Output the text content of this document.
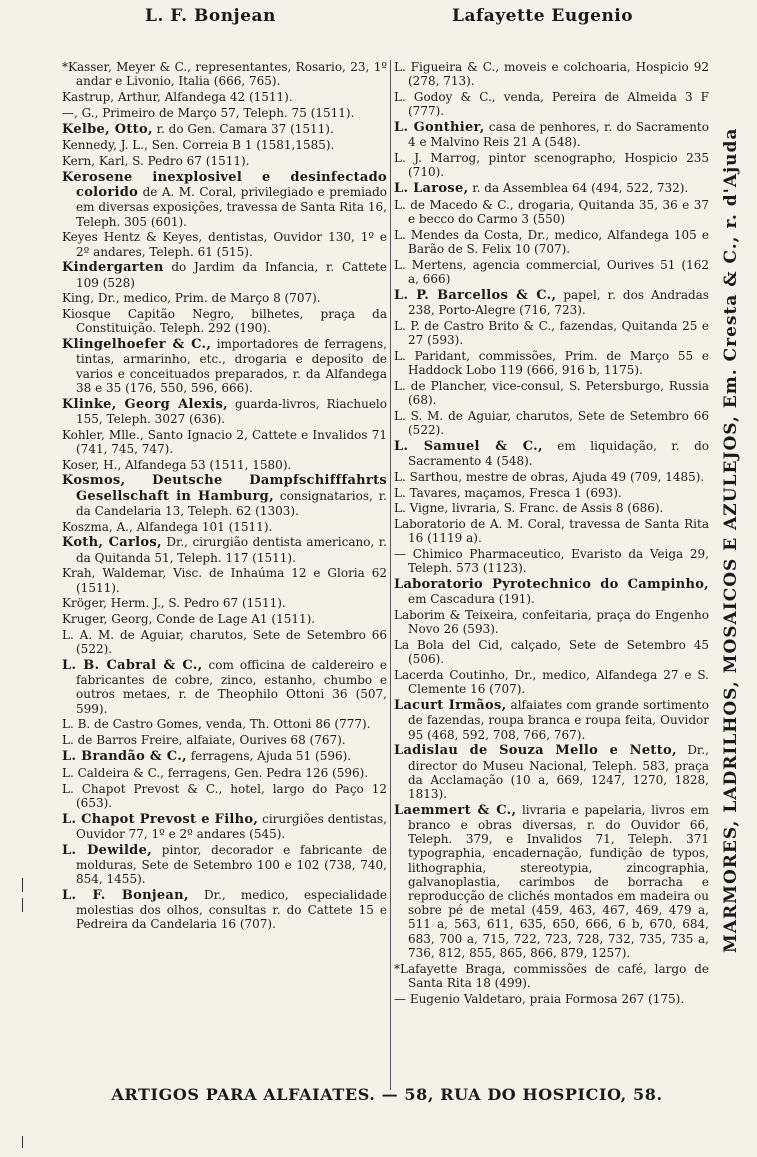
L. F. Bonjean	Lafayette Eugenio

*Kasser, Meyer & C., representantes, Rosario, 23, 1º andar e Livonio, Italia (666, 765).

Kastrup, Arthur, Alfandega 42 (1511).

—, G., Primeiro de Março 57, Teleph. 75 (1511).

Kelbe, Otto, r. do Gen. Camara 37 (1511).

Kennedy, J. L., Sen. Correia B 1 (1581,1585).

Kern, Karl, S. Pedro 67 (1511).

Kerosene inexplosivel e desinfectado colorido de A. M. Coral, privilegiado e premiado em diversas exposições, travessa de Santa Rita 16, Teleph. 305 (601).

Keyes Hentz & Keyes, dentistas, Ouvidor 130, 1º e 2º andares, Teleph. 61 (515).

Kindergarten do Jardim da Infancia, r. Cattete 109 (528)

King, Dr., medico, Prim. de Março 8 (707).

Kiosque Capitão Negro, bilhetes, praça da Constituição. Teleph. 292 (190).

Klingelhoefer & C., importadores de ferragens, tintas, armarinho, etc., drogaria e deposito de varios e conceituados preparados, r. da Alfandega 38 e 35 (176, 550, 596, 666).

Klinke, Georg Alexis, guarda-livros, Riachuelo 155, Teleph. 3027 (636).

Kohler, Mlle., Santo Ignacio 2, Cattete e Invalidos 71 (741, 745, 747).

Koser, H., Alfandega 53 (1511, 1580).

Kosmos, Deutsche Dampfschifffahrts Gesellschaft in Hamburg, consignatarios, r. da Candelaria 13, Teleph. 62 (1303).

Koszma, A., Alfandega 101 (1511).

Koth, Carlos, Dr., cirurgião dentista americano, r. da Quitanda 51, Teleph. 117 (1511).

Krah, Waldemar, Visc. de Inhaúma 12 e Gloria 62 (1511).

Kröger, Herm. J., S. Pedro 67 (1511).

Kruger, Georg, Conde de Lage A1 (1511).

L. A. M. de Aguiar, charutos, Sete de Setembro 66 (522).

L. B. Cabral & C., com officina de caldereiro e fabricantes de cobre, zinco, estanho, chumbo e outros metaes, r. de Theophilo Ottoni 36 (507, 599).

L. B. de Castro Gomes, venda, Th. Ottoni 86 (777).

L. de Barros Freire, alfaiate, Ourives 68 (767).

L. Brandão & C., ferragens, Ajuda 51 (596).

L. Caldeira & C., ferragens, Gen. Pedra 126 (596).

L. Chapot Prevost & C., hotel, largo do Paço 12 (653).

L. Chapot Prevost e Filho, cirurgiões dentistas, Ouvidor 77, 1º e 2º andares (545).

L. Dewilde, pintor, decorador e fabricante de molduras, Sete de Setembro 100 e 102 (738, 740, 854, 1455).

L. F. Bonjean, Dr., medico, especialidade molestias dos olhos, consultas r. do Cattete 15 e Pedreira da Candelaria 16 (707).

L. Figueira & C., moveis e colchoaria, Hospicio 92 (278, 713).

L. Godoy & C., venda, Pereira de Almeida 3 F (777).

L. Gonthier, casa de penhores, r. do Sacramento 4 e Malvino Reis 21 A (548).

L. J. Marrog, pintor scenographo, Hospicio 235 (710).

L. Larose, r. da Assemblea 64 (494, 522, 732).

L. de Macedo & C., drogaria, Quitanda 35, 36 e 37 e becco do Carmo 3 (550)

L. Mendes da Costa, Dr., medico, Alfandega 105 e Barão de S. Felix 10 (707).

L. Mertens, agencia commercial, Ourives 51 (162 a, 666)

L. P. Barcellos & C., papel, r. dos Andradas 238, Porto-Alegre (716, 723).

L. P. de Castro Brito & C., fazendas, Quitanda 25 e 27 (593).

L. Paridant, commissões, Prim. de Março 55 e Haddock Lobo 119 (666, 916 b, 1175).

L. de Plancher, vice-consul, S. Petersburgo, Russia (68).

L. S. M. de Aguiar, charutos, Sete de Setembro 66 (522).

L. Samuel & C., em liquidação, r. do Sacramento 4 (548).

L. Sarthou, mestre de obras, Ajuda 49 (709, 1485).

L. Tavares, maçamos, Fresca 1 (693).

L. Vigne, livraria, S. Franc. de Assis 8 (686).

Laboratorio de A. M. Coral, travessa de Santa Rita 16 (1119 a).

— Chimico Pharmaceutico, Evaristo da Veiga 29, Teleph. 573 (1123).

Laboratorio Pyrotechnico do Campinho, em Cascadura (191).

Laborim & Teixeira, confeitaria, praça do Engenho Novo 26 (593).

La Bola del Cid, calçado, Sete de Setembro 45 (506).

Lacerda Coutinho, Dr., medico, Alfandega 27 e S. Clemente 16 (707).

Lacurt Irmãos, alfaiates com grande sortimento de fazendas, roupa branca e roupa feita, Ouvidor 95 (468, 592, 708, 766, 767).

Ladislau de Souza Mello e Netto, Dr., director do Museu Nacional, Teleph. 583, praça da Acclamação (10 a, 669, 1247, 1270, 1828, 1813).

Laemmert & C., livraria e papelaria, livros em branco e obras diversas, r. do Ouvidor 66, Teleph. 379, e Invalidos 71, Teleph. 371 typographia, encadernação, fundição de typos, lithographia, stereotypia, zincographia, galvanoplastia, carimbos de borracha e reproducção de clichés montados em madeira ou sobre pé de metal (459, 463, 467, 469, 479 a, 511 a, 563, 611, 635, 650, 666, 6 b, 670, 684, 683, 700 a, 715, 722, 723, 728, 732, 735, 735 a, 736, 812, 855, 865, 866, 879, 1257).

*Lafayette Braga, commissões de café, largo de Santa Rita 18 (499).

— Eugenio Valdetaro, praia Formosa 267 (175).

MARMORES, LADRILHOS, MOSAICOS E AZULEJOS, Em. Cresta & C., r. d'Ajuda
ARTIGOS PARA ALFAIATES. — 58, RUA DO HOSPICIO, 58.
